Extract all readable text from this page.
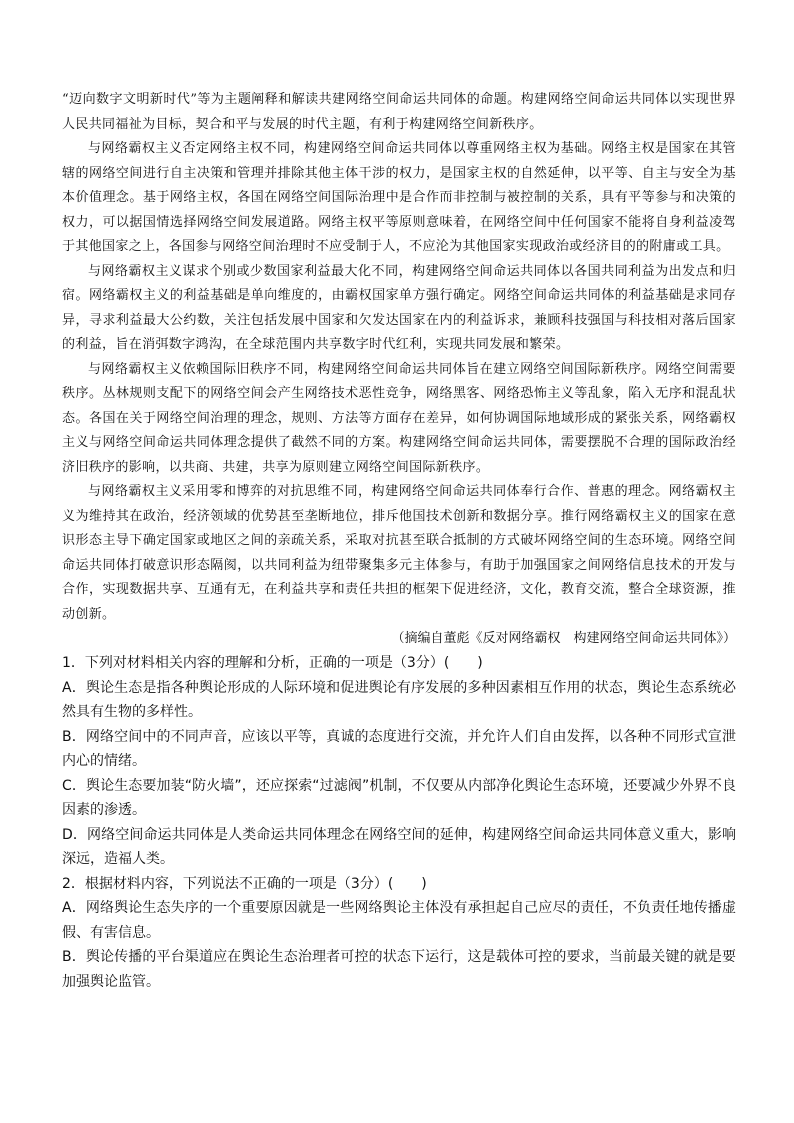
“迈向数字文明新时代”等为主题阐释和解读共建网络空间命运共同体的命题。构建网络空间命运共同体以实现世界人民共同福祉为目标，契合和平与发展的时代主题，有利于构建网络空间新秩序。

与网络霸权主义否定网络主权不同，构建网络空间命运共同体以尊重网络主权为基础。网络主权是国家在其管辖的网络空间进行自主决策和管理并排除其他主体干涉的权力，是国家主权的自然延伸，以平等、自主与安全为基本价值理念。基于网络主权，各国在网络空间国际治理中是合作而非控制与被控制的关系，具有平等参与和决策的权力，可以据国情选择网络空间发展道路。网络主权平等原则意味着，在网络空间中任何国家不能将自身利益凌驾于其他国家之上，各国参与网络空间治理时不应受制于人，不应沦为其他国家实现政治或经济目的的附庸或工具。

与网络霸权主义谋求个别或少数国家利益最大化不同，构建网络空间命运共同体以各国共同利益为出发点和归宿。网络霸权主义的利益基础是单向维度的，由霸权国家单方强行确定。网络空间命运共同体的利益基础是求同存异，寻求利益最大公约数，关注包括发展中国家和欠发达国家在内的利益诉求，兼顾科技强国与科技相对落后国家的利益，旨在消弭数字鸿沟，在全球范围内共享数字时代红利，实现共同发展和繁荣。

与网络霸权主义依赖国际旧秩序不同，构建网络空间命运共同体旨在建立网络空间国际新秩序。网络空间需要秩序。丛林规则支配下的网络空间会产生网络技术恶性竞争，网络黑客、网络恐怖主义等乱象，陷入无序和混乱状态。各国在关于网络空间治理的理念，规则、方法等方面存在差异，如何协调国际地域形成的紧张关系，网络霸权主义与网络空间命运共同体理念提供了截然不同的方案。构建网络空间命运共同体，需要摆脱不合理的国际政治经济旧秩序的影响，以共商、共建，共享为原则建立网络空间国际新秩序。

与网络霸权主义采用零和博弈的对抗思维不同，构建网络空间命运共同体奉行合作、普惠的理念。网络霸权主义为维持其在政治，经济领域的优势甚至垄断地位，排斥他国技术创新和数据分享。推行网络霸权主义的国家在意识形态主导下确定国家或地区之间的亲疏关系，采取对抗甚至联合抵制的方式破坏网络空间的生态环境。网络空间命运共同体打破意识形态隔阂，以共同利益为纽带聚集多元主体参与，有助于加强国家之间网络信息技术的开发与合作，实现数据共享、互通有无，在利益共享和责任共担的框架下促进经济，文化，教育交流，整合全球资源，推动创新。

（摘编自董彪《反对网络霸权　构建网络空间命运共同体》）

1．下列对材料相关内容的理解和分析，正确的一项是（3分）(　　)

A．舆论生态是指各种舆论形成的人际环境和促进舆论有序发展的多种因素相互作用的状态，舆论生态系统必然具有生物的多样性。

B．网络空间中的不同声音，应该以平等，真诚的态度进行交流，并允许人们自由发挥，以各种不同形式宣泄内心的情绪。

C．舆论生态要加装“防火墙”，还应探索“过滤阀”机制，不仅要从内部净化舆论生态环境，还要减少外界不良因素的渗透。

D．网络空间命运共同体是人类命运共同体理念在网络空间的延伸，构建网络空间命运共同体意义重大，影响深远，造福人类。

2．根据材料内容，下列说法不正确的一项是（3分）(　　)

A．网络舆论生态失序的一个重要原因就是一些网络舆论主体没有承担起自己应尽的责任，不负责任地传播虚假、有害信息。

B．舆论传播的平台渠道应在舆论生态治理者可控的状态下运行，这是载体可控的要求，当前最关键的就是要加强舆论监管。
